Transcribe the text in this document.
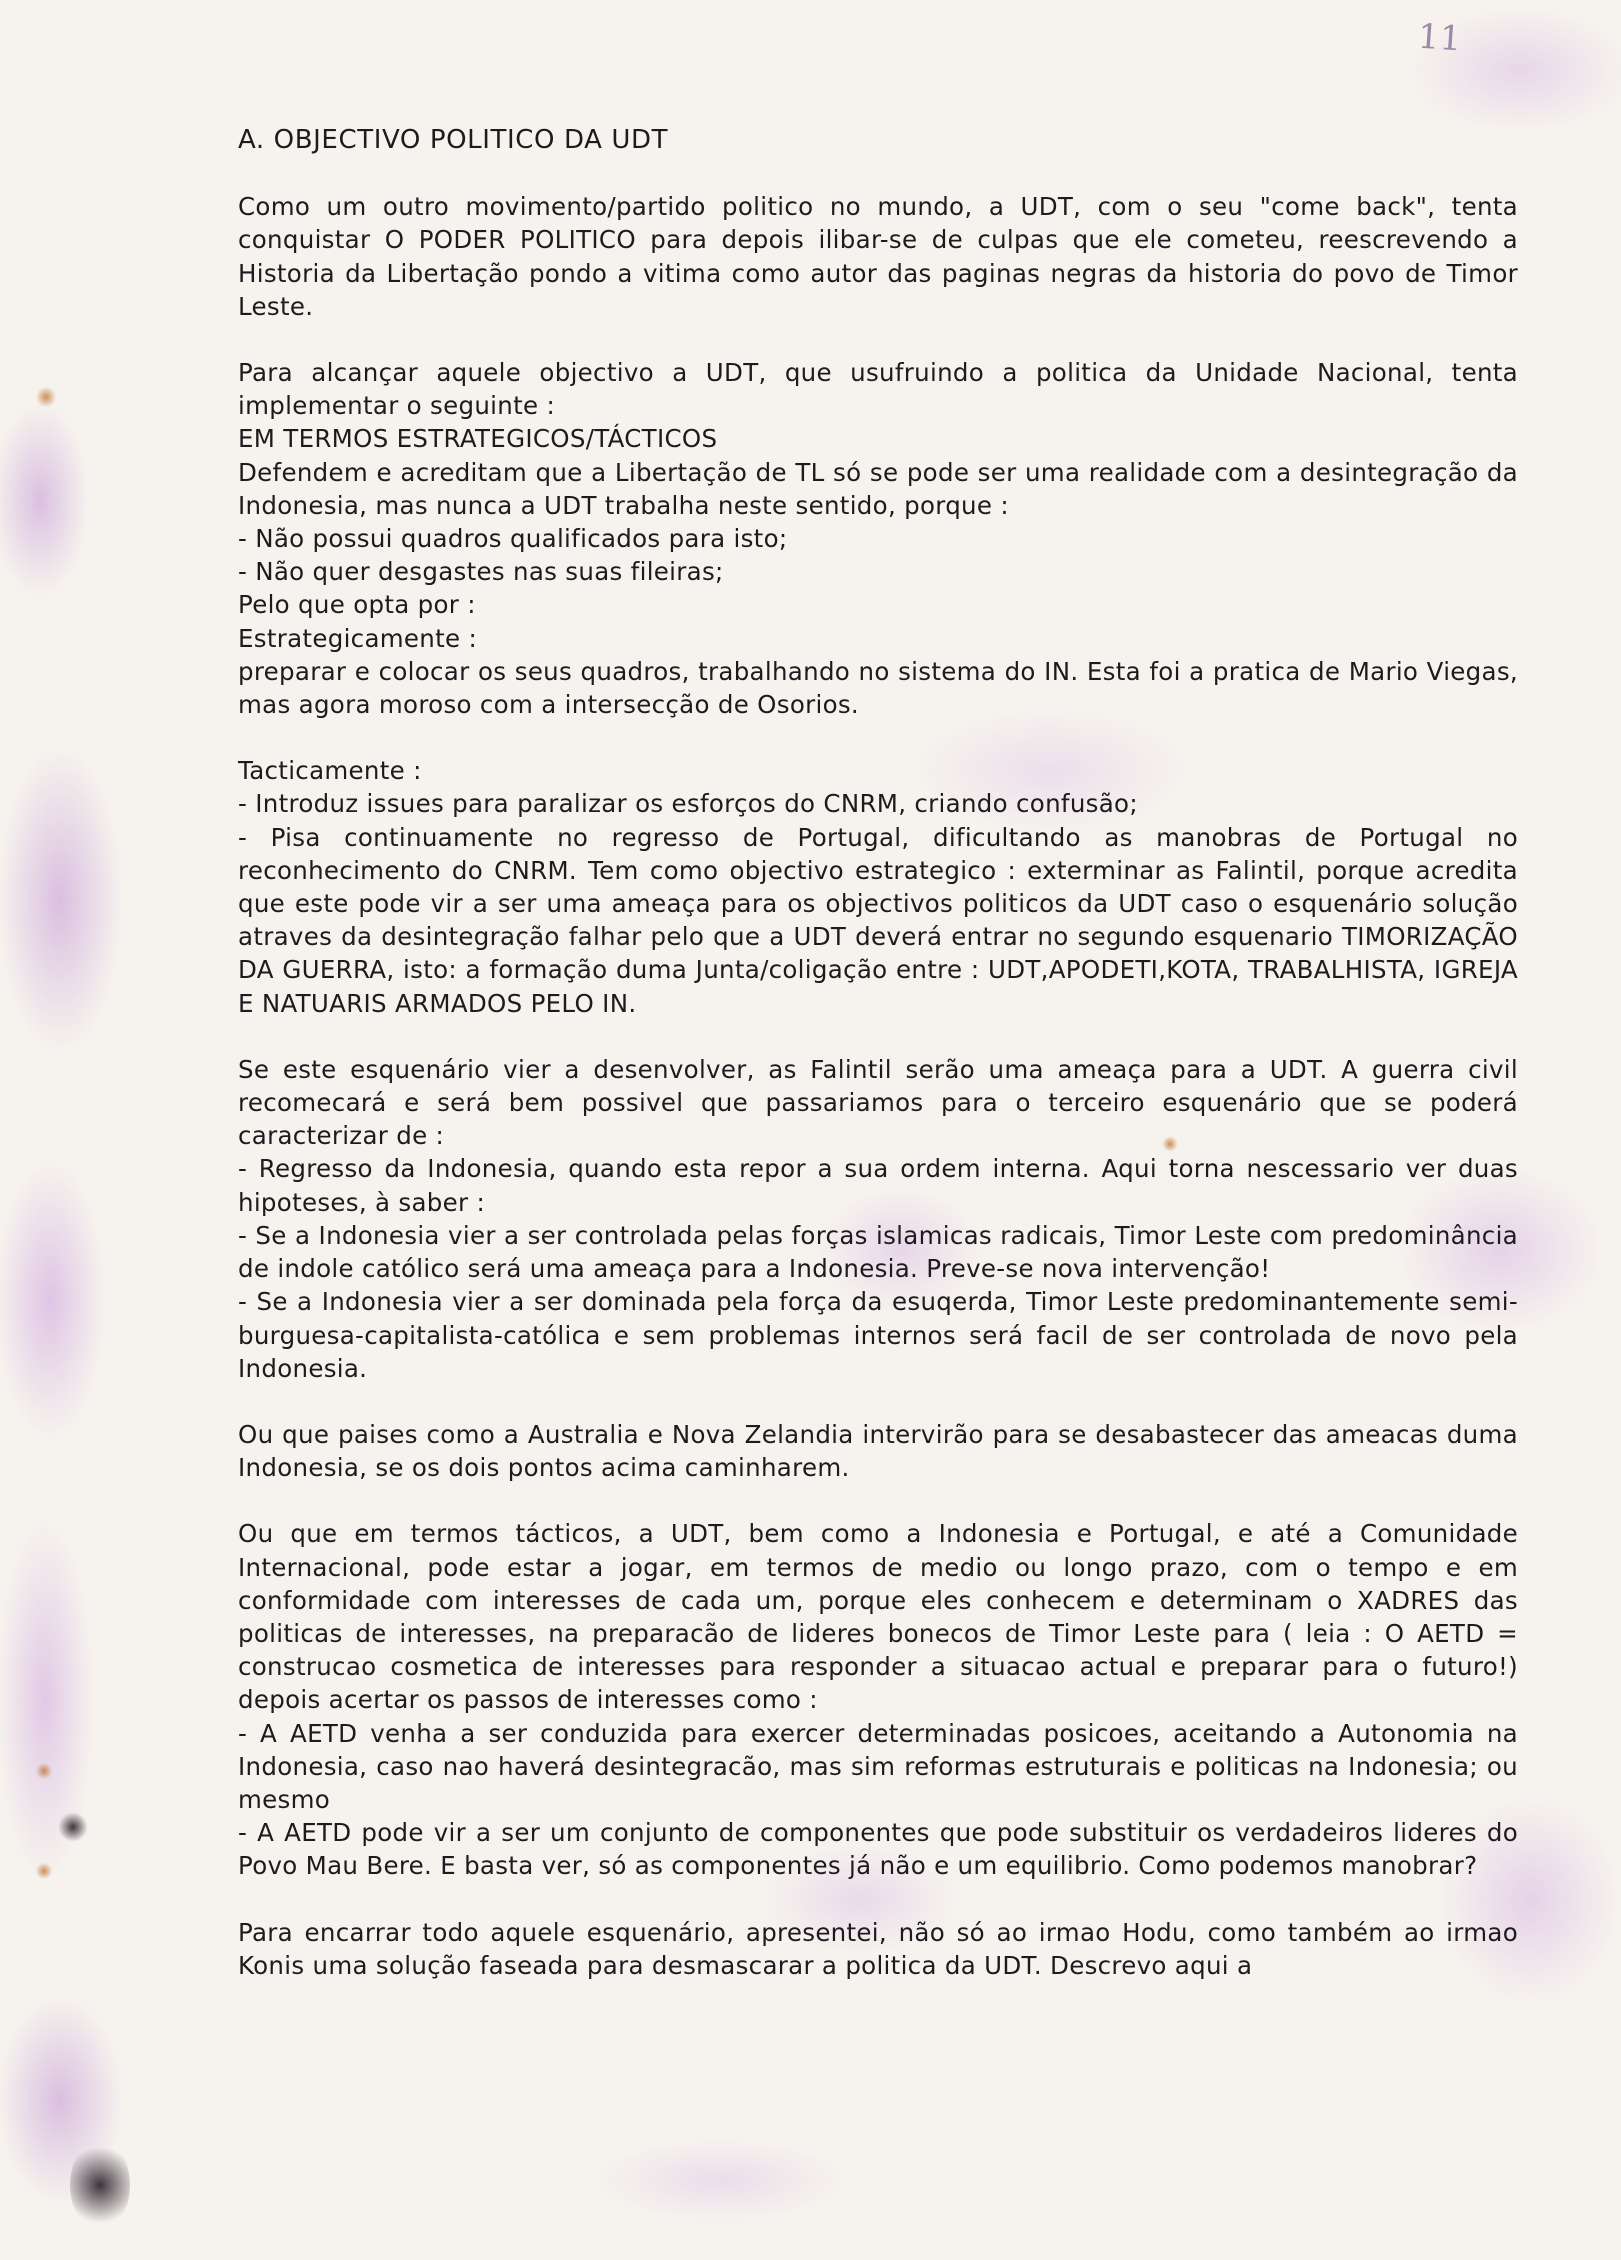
11
A. OBJECTIVO POLITICO DA UDT

Como um outro movimento/partido politico no mundo, a UDT, com o seu "come back", tenta conquistar O PODER POLITICO para depois ilibar-se de culpas que ele cometeu, reescrevendo a Historia da Libertação pondo a vitima como autor das paginas negras da historia do povo de Timor Leste.

Para alcançar aquele objectivo a UDT, que usufruindo a politica da Unidade Nacional, tenta implementar o seguinte :

EM TERMOS ESTRATEGICOS/TÁCTICOS

Defendem e acreditam que a Libertação de TL só se pode ser uma realidade com a desintegração da Indonesia, mas nunca a UDT trabalha neste sentido, porque :

- Não possui quadros qualificados para isto;

- Não quer desgastes nas suas fileiras;

Pelo que opta por :

Estrategicamente :

preparar e colocar os seus quadros, trabalhando no sistema do IN. Esta foi a pratica de Mario Viegas, mas agora moroso com a intersecção de Osorios.

Tacticamente :

- Introduz issues para paralizar os esforços do CNRM, criando confusão;

- Pisa continuamente no regresso de Portugal, dificultando as manobras de Portugal no reconhecimento do CNRM. Tem como objectivo estrategico : exterminar as Falintil, porque acredita que este pode vir a ser uma ameaça para os objectivos politicos da UDT caso o esquenário solução atraves da desintegração falhar pelo que a UDT deverá entrar no segundo esquenario TIMORIZAÇÃO DA GUERRA, isto: a formação duma Junta/coligação entre : UDT,APODETI,KOTA, TRABALHISTA, IGREJA E NATUARIS ARMADOS PELO IN.

Se este esquenário vier a desenvolver, as Falintil serão uma ameaça para a UDT. A guerra civil recomecará e será bem possivel que passariamos para o terceiro esquenário que se poderá caracterizar de :

- Regresso da Indonesia, quando esta repor a sua ordem interna. Aqui torna nescessario ver duas hipoteses, à saber :

- Se a Indonesia vier a ser controlada pelas forças islamicas radicais, Timor Leste com predominância de indole católico será uma ameaça para a Indonesia. Preve-se nova intervenção!

- Se a Indonesia vier a ser dominada pela força da esuqerda, Timor Leste predominantemente semi-burguesa-capitalista-católica e sem problemas internos será facil de ser controlada de novo pela Indonesia.

Ou que paises como a Australia e Nova Zelandia intervirão para se desabastecer das ameacas duma Indonesia, se os dois pontos acima caminharem.

Ou que em termos tácticos, a UDT, bem como a Indonesia e Portugal, e até a Comunidade Internacional, pode estar a jogar, em termos de medio ou longo prazo, com o tempo e em conformidade com interesses de cada um, porque eles conhecem e determinam o XADRES das politicas de interesses, na preparacão de lideres bonecos de Timor Leste para ( leia : O AETD = construcao cosmetica de interesses para responder a situacao actual e preparar para o futuro!) depois acertar os passos de interesses como :

- A AETD venha a ser conduzida para exercer determinadas posicoes, aceitando a Autonomia na Indonesia, caso nao haverá desintegracão, mas sim reformas estruturais e politicas na Indonesia; ou mesmo

- A AETD pode vir a ser um conjunto de componentes que pode substituir os verdadeiros lideres do Povo Mau Bere. E basta ver, só as componentes já não e um equilibrio. Como podemos manobrar?

Para encarrar todo aquele esquenário, apresentei, não só ao irmao Hodu, como também ao irmao Konis uma solução faseada para desmascarar a politica da UDT. Descrevo aqui a
